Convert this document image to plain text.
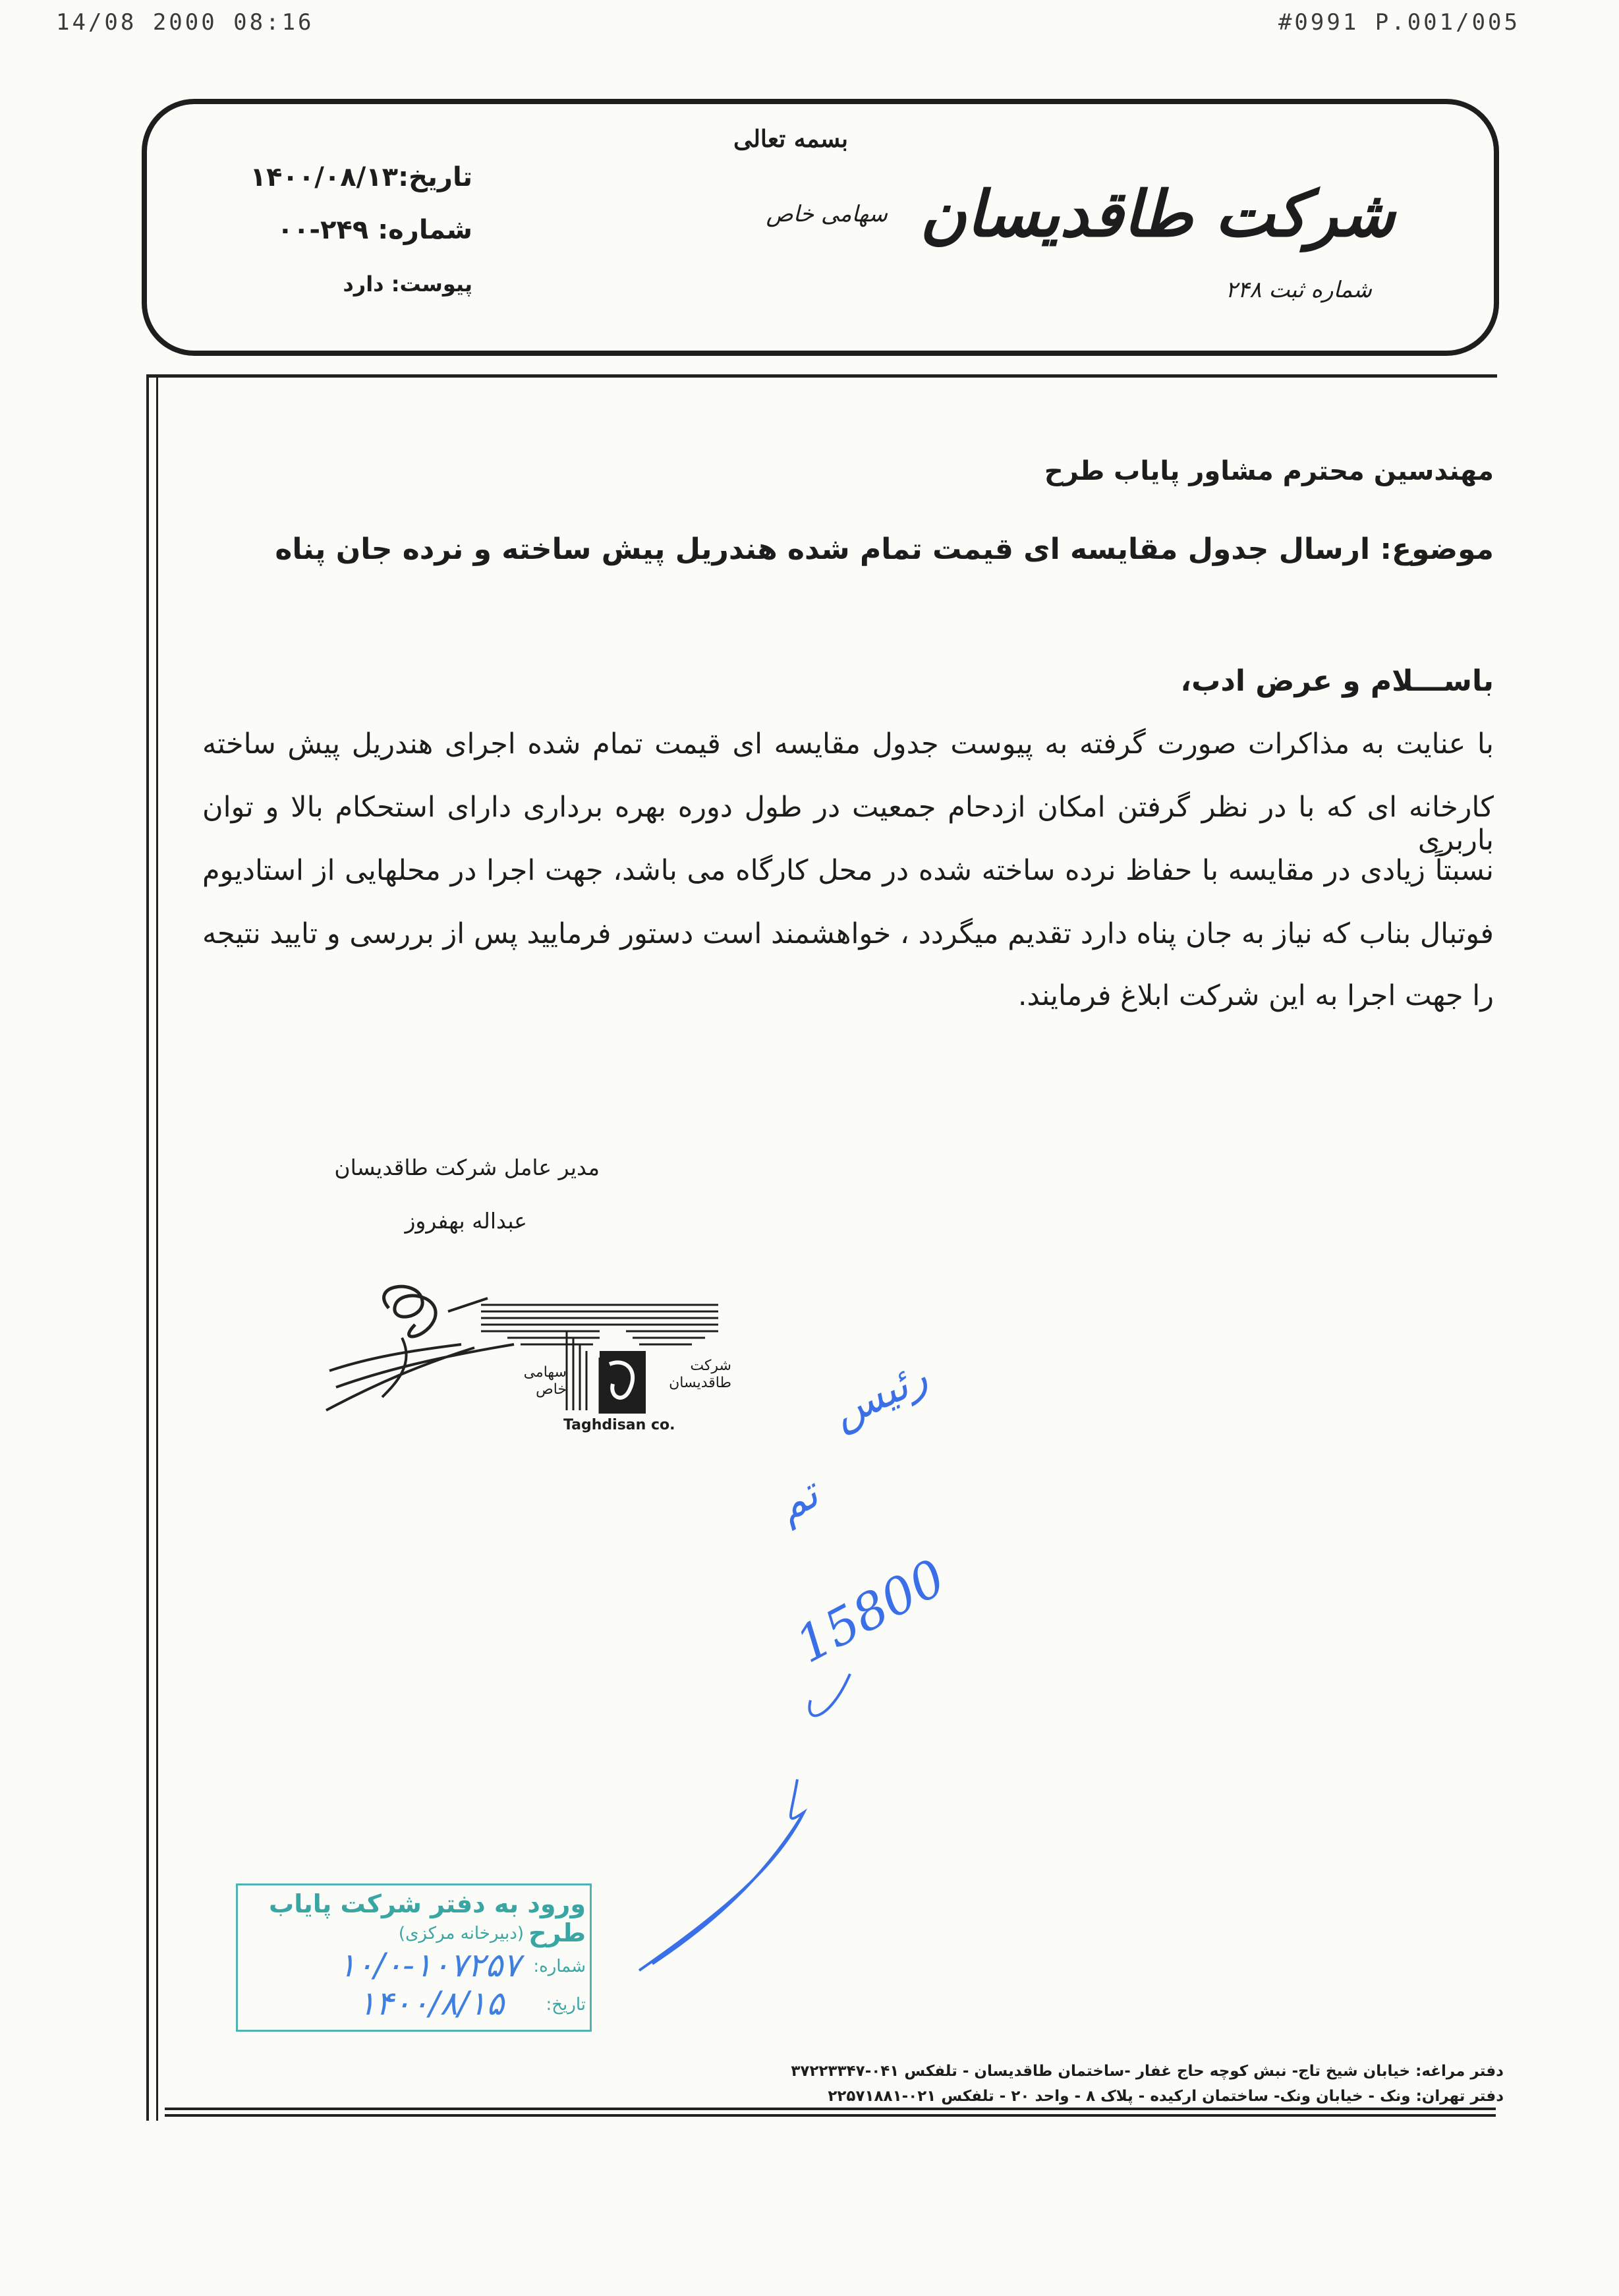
14/08 2000 08:16	#0991 P.001/005
بسمه تعالی
تاریخ:۱۴۰۰/۰۸/۱۳
شماره: ۲۴۹-۰۰
پیوست: دارد
شرکت طاقدیسان
سهامی خاص
شماره ثبت ۲۴۸
مهندسین محترم مشاور پایاب طرح
موضوع: ارسال جدول مقایسه ای قیمت تمام شده هندریل پیش ساخته و نرده جان پناه
باســـلام و عرض ادب،
با عنایت به مذاکرات صورت گرفته به پیوست جدول مقایسه ای قیمت تمام شده اجرای هندریل پیش ساخته
کارخانه ای که با در نظر گرفتن امکان ازدحام جمعیت در طول دوره بهره برداری دارای استحکام بالا و توان باربری
نسبتاً زیادی در مقایسه با حفاظ نرده ساخته شده در محل کارگاه می باشد، جهت اجرا در محلهایی از استادیوم
فوتبال بناب که نیاز به جان پناه دارد تقدیم میگردد ، خواهشمند است دستور فرمایید پس از بررسی و تایید نتیجه
را جهت اجرا به این شرکت ابلاغ فرمایند.
مدیر عامل شرکت طاقدیسان
عبداله بهفروز
سهامی خاص
شرکت طاقدیسان
Taghdisan co.	رئیس
تم
15800
ورود به دفتر شرکت پایاب طرح
(دبیرخانه مرکزی)
شماره:
۱۰/۰-۱۰۷۲۵۷
تاریخ:
۱۴۰۰/۸/۱۵
دفتر مراغه: خیابان شیخ تاج- نبش کوچه حاج غفار -ساختمان طاقدیسان - تلفکس ۰۴۱-۳۷۲۲۳۳۴۷
دفتر تهران: ونک - خیابان ونک- ساختمان ارکیده - پلاک ۸ - واحد ۲۰ - تلفکس ۰۲۱-۲۲۵۷۱۸۸۱
